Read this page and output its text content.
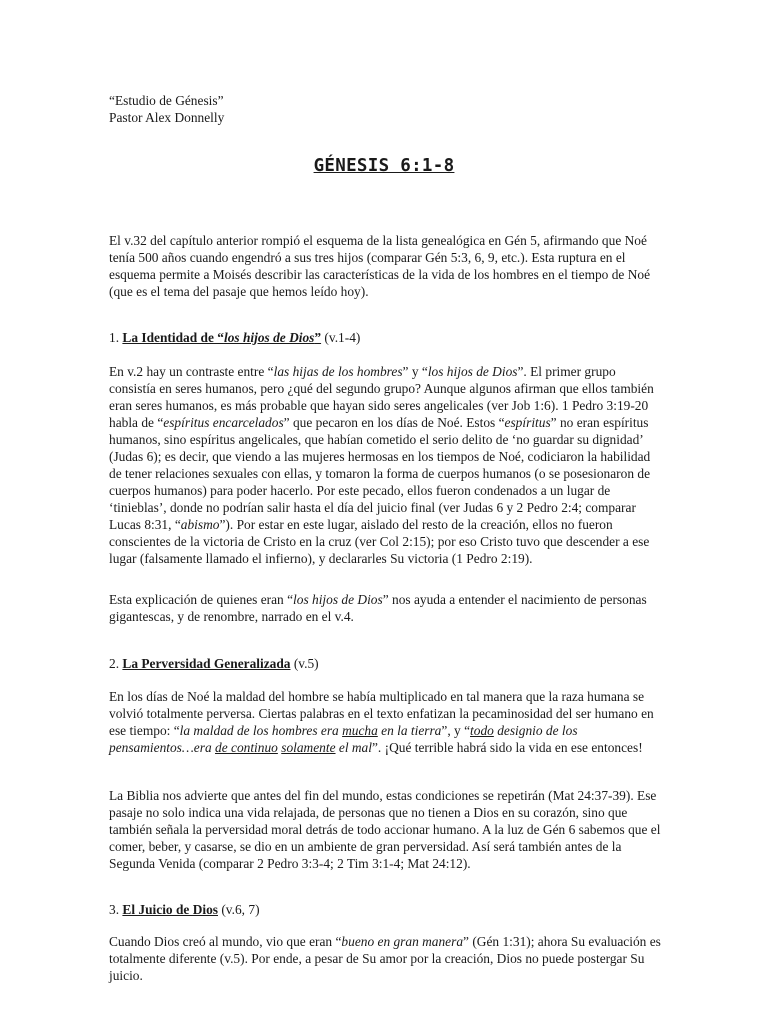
“Estudio de Génesis”
Pastor Alex Donnelly
GÉNESIS 6:1-8

El v.32 del capítulo anterior rompió el esquema de la lista genealógica en Gén 5, afirmando que Noé tenía 500 años cuando engendró a sus tres hijos (comparar Gén 5:3, 6, 9, etc.). Esta ruptura en el esquema permite a Moisés describir las características de la vida de los hombres en el tiempo de Noé (que es el tema del pasaje que hemos leído hoy).

1. La Identidad de “los hijos de Dios” (v.1-4)

En v.2 hay un contraste entre “las hijas de los hombres” y “los hijos de Dios”. El primer grupo consistía en seres humanos, pero ¿qué del segundo grupo? Aunque algunos afirman que ellos también eran seres humanos, es más probable que hayan sido seres angelicales (ver Job 1:6). 1 Pedro 3:19-20 habla de “espíritus encarcelados” que pecaron en los días de Noé. Estos “espíritus” no eran espíritus humanos, sino espíritus angelicales, que habían cometido el serio delito de ‘no guardar su dignidad’ (Judas 6); es decir, que viendo a las mujeres hermosas en los tiempos de Noé, codiciaron la habilidad de tener relaciones sexuales con ellas, y tomaron la forma de cuerpos humanos (o se posesionaron de cuerpos humanos) para poder hacerlo. Por este pecado, ellos fueron condenados a un lugar de ‘tinieblas’, donde no podrían salir hasta el día del juicio final (ver Judas 6 y 2 Pedro 2:4; comparar Lucas 8:31, “abismo”). Por estar en este lugar, aislado del resto de la creación, ellos no fueron conscientes de la victoria de Cristo en la cruz (ver Col 2:15); por eso Cristo tuvo que descender a ese lugar (falsamente llamado el infierno), y declararles Su victoria (1 Pedro 2:19).

Esta explicación de quienes eran “los hijos de Dios” nos ayuda a entender el nacimiento de personas gigantescas, y de renombre, narrado en el v.4.

2. La Perversidad Generalizada (v.5)

En los días de Noé la maldad del hombre se había multiplicado en tal manera que la raza humana se volvió totalmente perversa. Ciertas palabras en el texto enfatizan la pecaminosidad del ser humano en ese tiempo: “la maldad de los hombres era mucha en la tierra”, y “todo designio de los pensamientos…era de continuo solamente el mal”. ¡Qué terrible habrá sido la vida en ese entonces!

La Biblia nos advierte que antes del fin del mundo, estas condiciones se repetirán (Mat 24:37-39). Ese pasaje no solo indica una vida relajada, de personas que no tienen a Dios en su corazón, sino que también señala la perversidad moral detrás de todo accionar humano. A la luz de Gén 6 sabemos que el comer, beber, y casarse, se dio en un ambiente de gran perversidad. Así será también antes de la Segunda Venida (comparar 2 Pedro 3:3-4; 2 Tim 3:1-4; Mat 24:12).

3. El Juicio de Dios (v.6, 7)

Cuando Dios creó al mundo, vio que eran “bueno en gran manera” (Gén 1:31); ahora Su evaluación es totalmente diferente (v.5). Por ende, a pesar de Su amor por la creación, Dios no puede postergar Su juicio.
